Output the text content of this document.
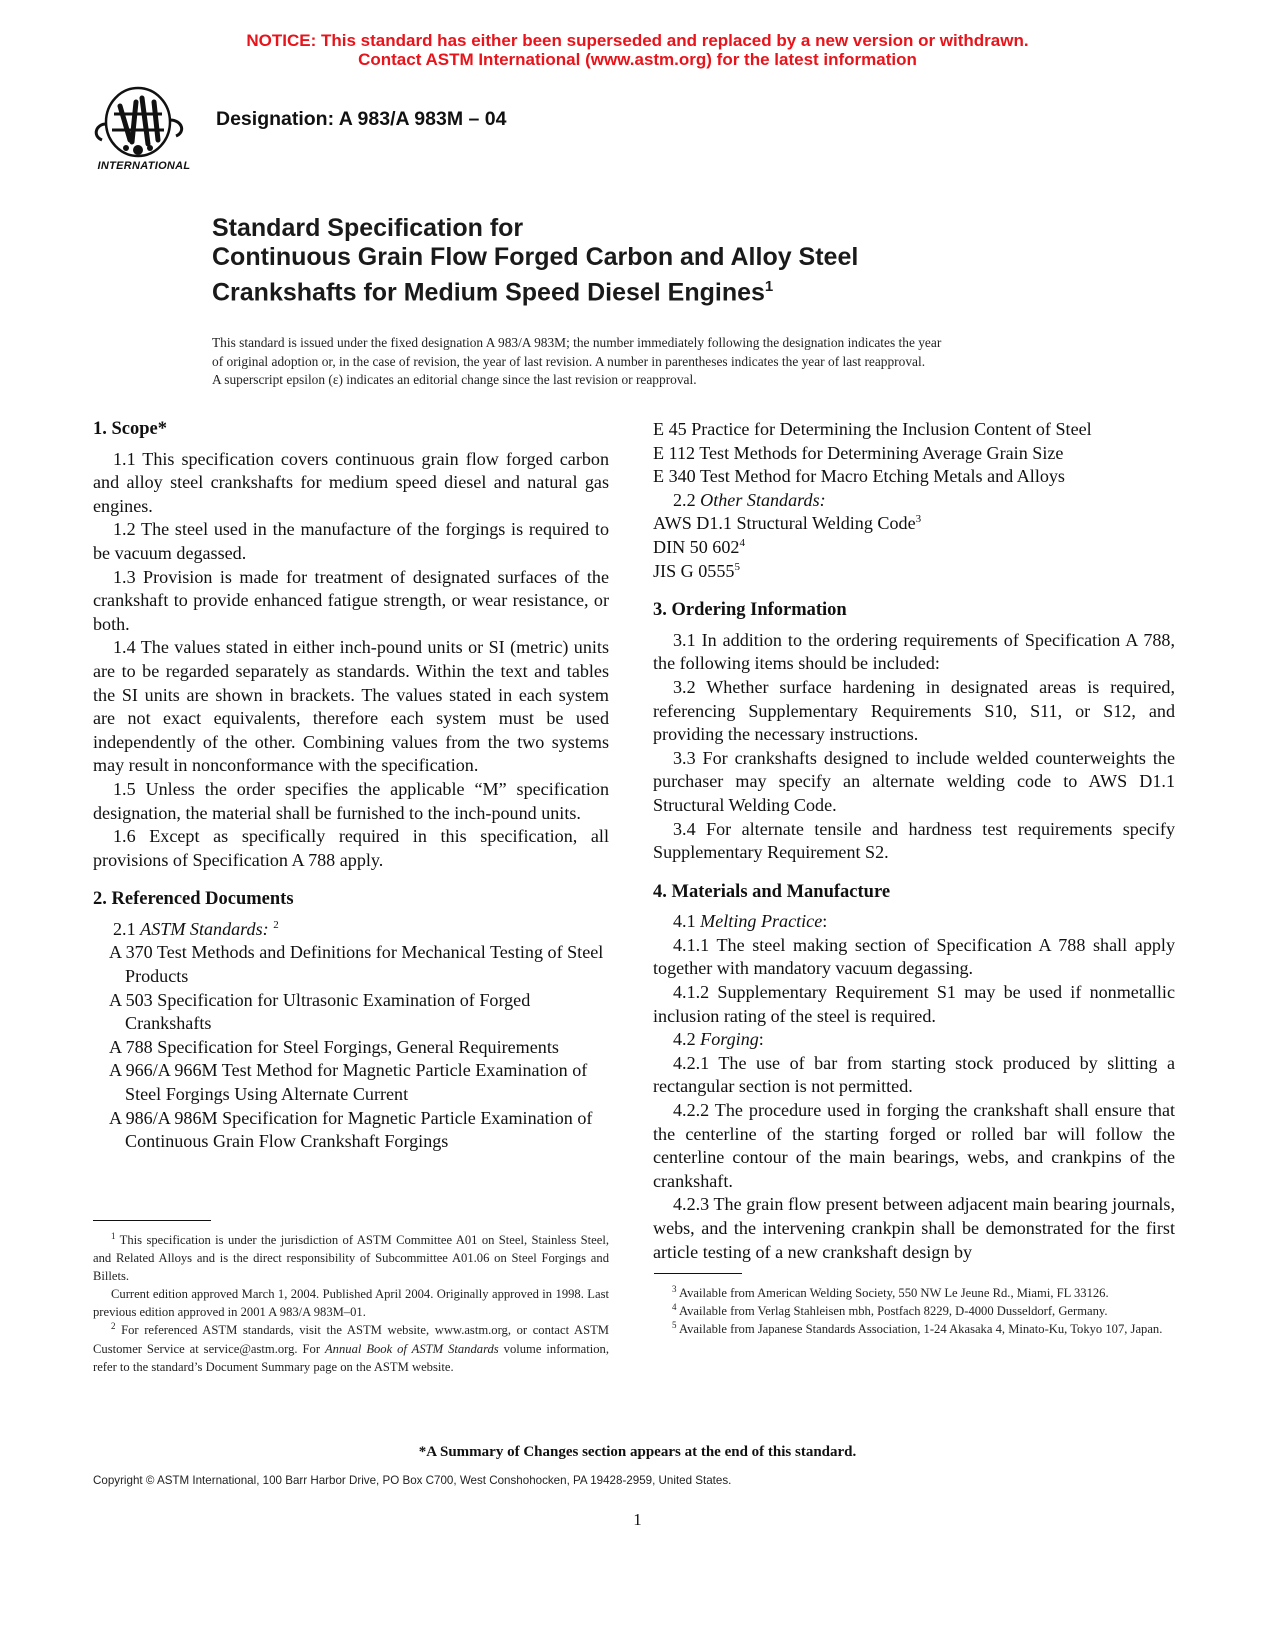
NOTICE: This standard has either been superseded and replaced by a new version or withdrawn.
Contact ASTM International (www.astm.org) for the latest information
INTERNATIONAL
Designation: A 983/A 983M – 04
Standard Specification for
Continuous Grain Flow Forged Carbon and Alloy Steel
Crankshafts for Medium Speed Diesel Engines$^1$
This standard is issued under the fixed designation A 983/A 983M; the number immediately following the designation indicates the year
of original adoption or, in the case of revision, the year of last revision. A number in parentheses indicates the year of last reapproval.
A superscript epsilon (ε) indicates an editorial change since the last revision or reapproval.
1. Scope*

1.1 This specification covers continuous grain flow forged carbon and alloy steel crankshafts for medium speed diesel and natural gas engines.

1.2 The steel used in the manufacture of the forgings is required to be vacuum degassed.

1.3 Provision is made for treatment of designated surfaces of the crankshaft to provide enhanced fatigue strength, or wear resistance, or both.

1.4 The values stated in either inch-pound units or SI (metric) units are to be regarded separately as standards. Within the text and tables the SI units are shown in brackets. The values stated in each system are not exact equivalents, therefore each system must be used independently of the other. Combining values from the two systems may result in nonconformance with the specification.

1.5 Unless the order specifies the applicable “M” specification designation, the material shall be furnished to the inch-pound units.

1.6 Except as specifically required in this specification, all provisions of Specification A 788 apply.

2. Referenced Documents

2.1 ASTM Standards: $^2$

A 370 Test Methods and Definitions for Mechanical Testing of Steel Products

A 503 Specification for Ultrasonic Examination of Forged Crankshafts

A 788 Specification for Steel Forgings, General Requirements

A 966/A 966M Test Method for Magnetic Particle Examination of Steel Forgings Using Alternate Current

A 986/A 986M Specification for Magnetic Particle Examination of Continuous Grain Flow Crankshaft Forgings

E 45 Practice for Determining the Inclusion Content of Steel

E 112 Test Methods for Determining Average Grain Size

E 340 Test Method for Macro Etching Metals and Alloys

2.2 Other Standards:

AWS D1.1 Structural Welding Code$^3$

DIN 50 $602^4$

JIS G 0555$^5$

3. Ordering Information

3.1 In addition to the ordering requirements of Specification A 788, the following items should be included:

3.2 Whether surface hardening in designated areas is required, referencing Supplementary Requirements S10, S11, or S12, and providing the necessary instructions.

3.3 For crankshafts designed to include welded counterweights the purchaser may specify an alternate welding code to AWS D1.1 Structural Welding Code.

3.4 For alternate tensile and hardness test requirements specify Supplementary Requirement S2.

4. Materials and Manufacture

4.1 Melting Practice:

4.1.1 The steel making section of Specification A 788 shall apply together with mandatory vacuum degassing.

4.1.2 Supplementary Requirement S1 may be used if nonmetallic inclusion rating of the steel is required.

4.2 Forging:

4.2.1 The use of bar from starting stock produced by slitting a rectangular section is not permitted.

4.2.2 The procedure used in forging the crankshaft shall ensure that the centerline of the starting forged or rolled bar will follow the centerline contour of the main bearings, webs, and crankpins of the crankshaft.

4.2.3 The grain flow present between adjacent main bearing journals, webs, and the intervening crankpin shall be demonstrated for the first article testing of a new crankshaft design by

$^1$ This specification is under the jurisdiction of ASTM Committee A01 on Steel, Stainless Steel, and Related Alloys and is the direct responsibility of Subcommittee A01.06 on Steel Forgings and Billets.

Current edition approved March 1, 2004. Published April 2004. Originally approved in 1998. Last previous edition approved in 2001 A 983/A 983M–01.

$^2$ For referenced ASTM standards, visit the ASTM website, www.astm.org, or contact ASTM Customer Service at service@astm.org. For Annual Book of ASTM Standards volume information, refer to the standard’s Document Summary page on the ASTM website.

$^3$ Available from American Welding Society, 550 NW Le Jeune Rd., Miami, FL 33126.

$^4$ Available from Verlag Stahleisen mbh, Postfach 8229, D-4000 Dusseldorf, Germany.

$^5$ Available from Japanese Standards Association, 1-24 Akasaka 4, Minato-Ku, Tokyo 107, Japan.

*A Summary of Changes section appears at the end of this standard.
Copyright © ASTM International, 100 Barr Harbor Drive, PO Box C700, West Conshohocken, PA 19428-2959, United States.
1
